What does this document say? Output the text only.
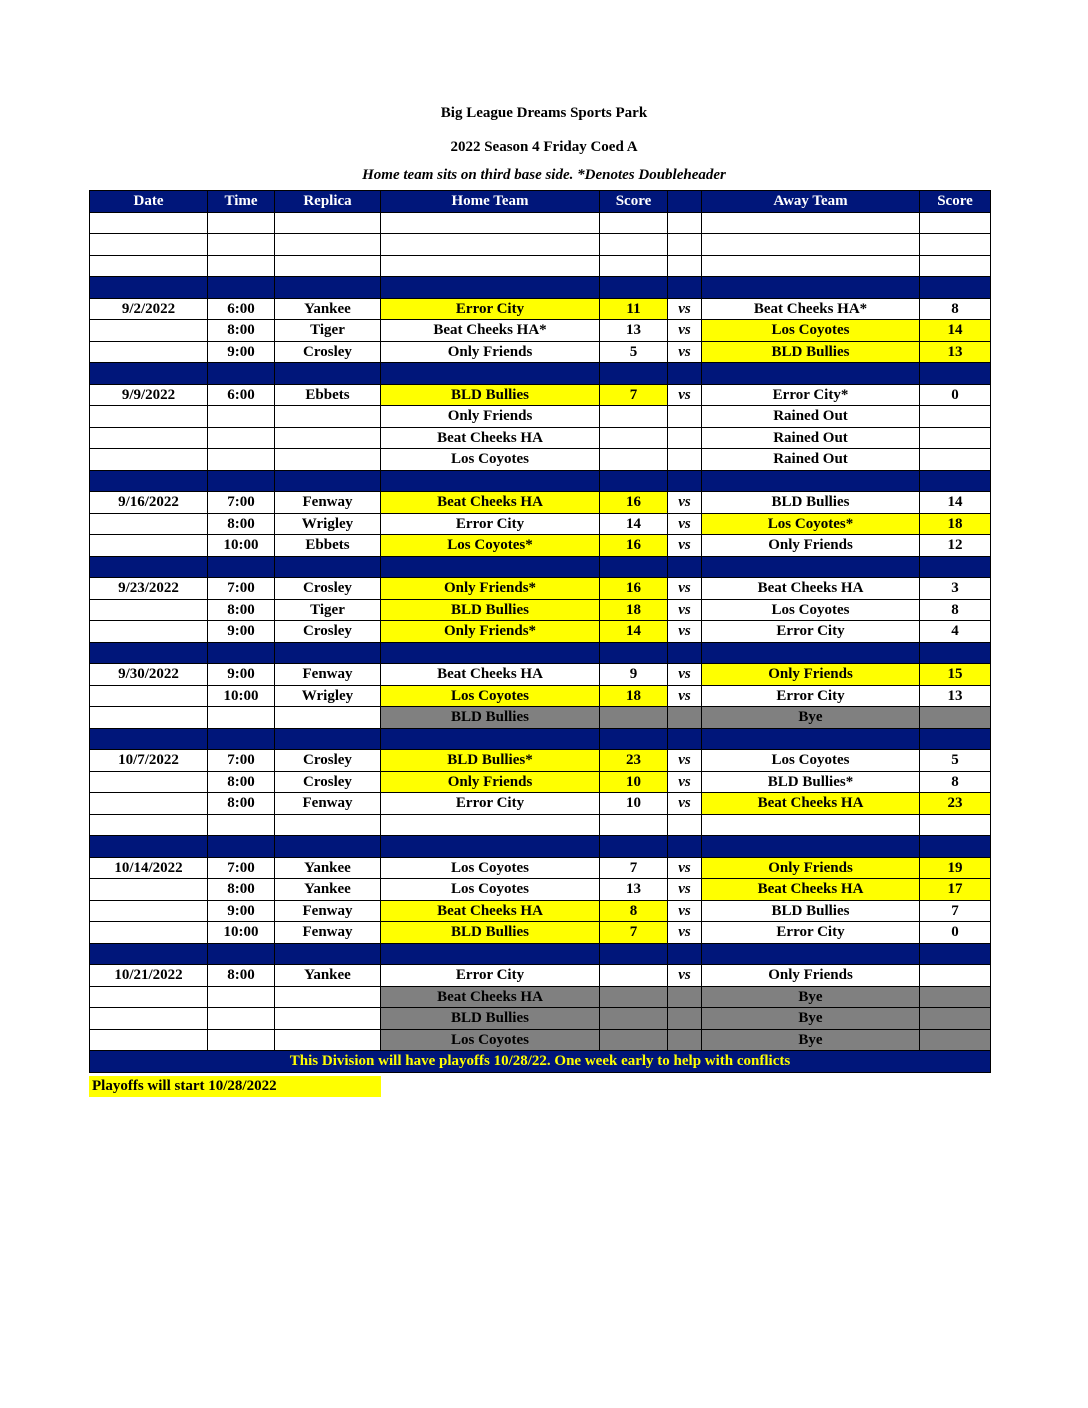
Big League Dreams Sports Park
2022 Season 4 Friday Coed A
Home team sits on third base side. *Denotes Doubleheader
Date	Time	Replica	Home Team	Score		Away Team	Score

9/2/2022	6:00	Yankee	Error City	11	vs	Beat Cheeks HA*	8
	8:00	Tiger	Beat Cheeks HA*	13	vs	Los Coyotes	14
	9:00	Crosley	Only Friends	5	vs	BLD Bullies	13

9/9/2022	6:00	Ebbets	BLD Bullies	7	vs	Error City*	0
			Only Friends			Rained Out	
			Beat Cheeks HA			Rained Out	
			Los Coyotes			Rained Out	

9/16/2022	7:00	Fenway	Beat Cheeks HA	16	vs	BLD Bullies	14
	8:00	Wrigley	Error City	14	vs	Los Coyotes*	18
	10:00	Ebbets	Los Coyotes*	16	vs	Only Friends	12

9/23/2022	7:00	Crosley	Only Friends*	16	vs	Beat Cheeks HA	3
	8:00	Tiger	BLD Bullies	18	vs	Los Coyotes	8
	9:00	Crosley	Only Friends*	14	vs	Error City	4

9/30/2022	9:00	Fenway	Beat Cheeks HA	9	vs	Only Friends	15
	10:00	Wrigley	Los Coyotes	18	vs	Error City	13
			BLD Bullies			Bye	

10/7/2022	7:00	Crosley	BLD Bullies*	23	vs	Los Coyotes	5
	8:00	Crosley	Only Friends	10	vs	BLD Bullies*	8
	8:00	Fenway	Error City	10	vs	Beat Cheeks HA	23

10/14/2022	7:00	Yankee	Los Coyotes	7	vs	Only Friends	19
	8:00	Yankee	Los Coyotes	13	vs	Beat Cheeks HA	17
	9:00	Fenway	Beat Cheeks HA	8	vs	BLD Bullies	7
	10:00	Fenway	BLD Bullies	7	vs	Error City	0

10/21/2022	8:00	Yankee	Error City		vs	Only Friends	
			Beat Cheeks HA			Bye	
			BLD Bullies			Bye	
			Los Coyotes			Bye	
This Division will have playoffs 10/28/22. One week early to help with conflicts							
Playoffs will start 10/28/2022
